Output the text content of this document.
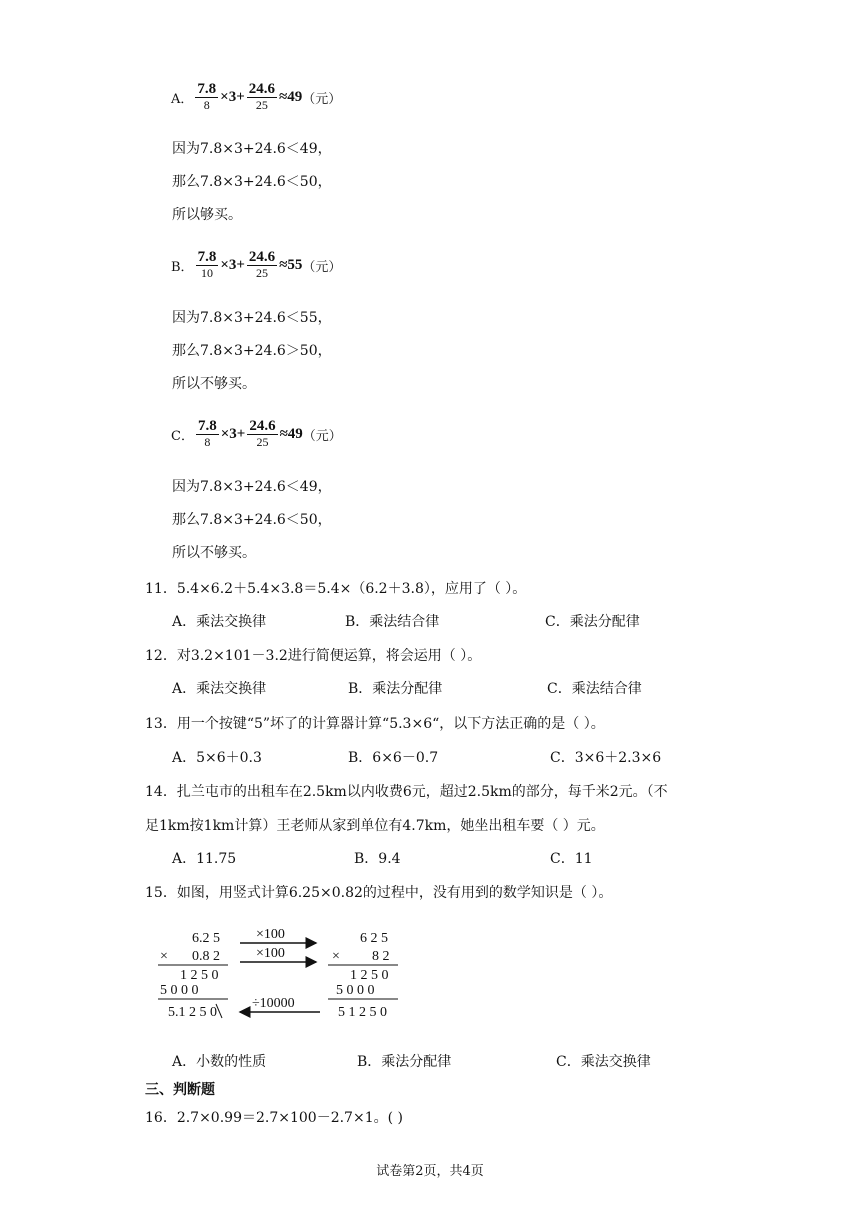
A． $\frac{7.8}{8} \times 3+ \frac{24.6}{25} \approx 49$（元）
因为7.8×3+24.6＜49，
那么7.8×3+24.6＜50，
所以够买。
B． $\frac{7.8}{10} \times 3+ \frac{24.6}{25} \approx 55$（元）
因为7.8×3+24.6＜55，
那么7.8×3+24.6＞50，
所以不够买。
C． $\frac{7.8}{8} \times 3+ \frac{24.6}{25} \approx 49$（元）
因为7.8×3+24.6＜49，
那么7.8×3+24.6＜50，
所以不够买。
11．5.4×6.2＋5.4×3.8＝5.4×（6.2＋3.8），应用了（ ）。
A．乘法交换律	B．乘法结合律	C．乘法分配律
12．对3.2×101－3.2进行简便运算，将会运用（ ）。
A．乘法交换律	B．乘法分配律	C．乘法结合律
13．用一个按键“5”坏了的计算器计算“5.3×6“，以下方法正确的是（ ）。
A．5×6＋0.3	B．6×6－0.7	C．3×6＋2.3×6
14．扎兰屯市的出租车在2.5km以内收费6元，超过2.5km的部分，每千米2元。（不
足1km按1km计算）王老师从家到单位有4.7km，她坐出租车要（ ）元。
A．11.75	B．9.4	C．11
15．如图，用竖式计算6.25×0.82的过程中，没有用到的数学知识是（ ）。
6.2 5
× 0.8 2
1 2 5 0
5 0 0 0
5.1 2 5 0
×100
×100
÷10000
6 2 5
× 8 2
1 2 5 0
5 0 0 0
5 1 2 5 0
A．小数的性质	B．乘法分配律	C．乘法交换律
三、判断题
16．2.7×0.99＝2.7×100－2.7×1。( )
试卷第2页，共4页
